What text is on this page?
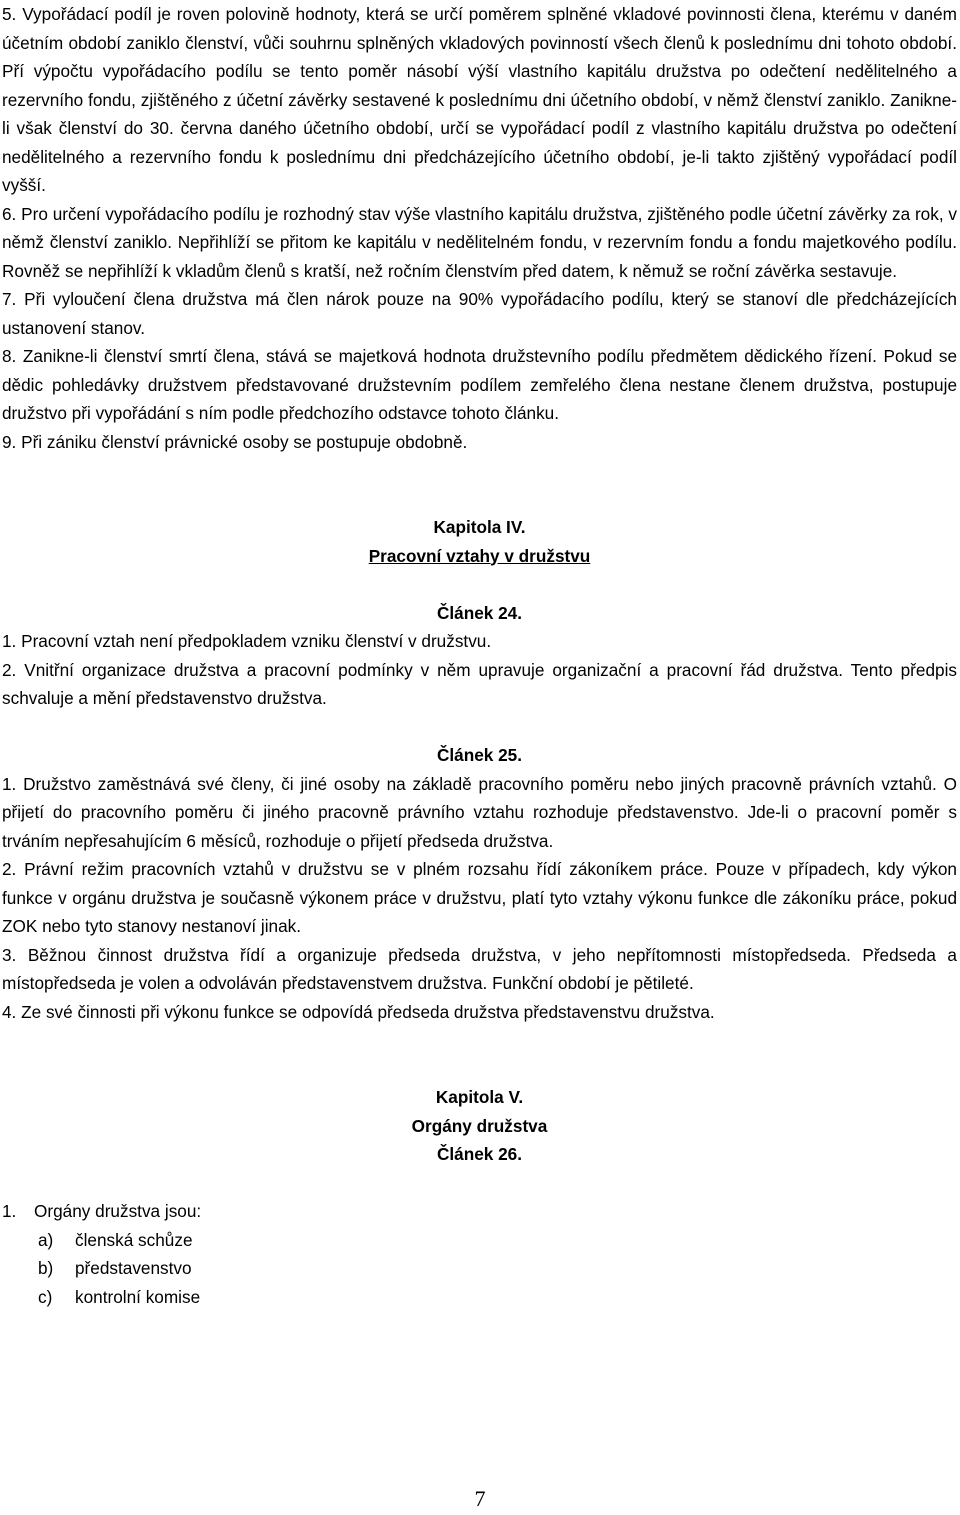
5. Vypořádací podíl je roven polovině hodnoty, která se určí poměrem splněné vkladové povinnosti člena, kterému v daném účetním období zaniklo členství, vůči souhrnu splněných vkladových povinností všech členů k poslednímu dni tohoto období. Pří výpočtu vypořádacího podílu se tento poměr násobí výší vlastního kapitálu družstva po odečtení nedělitelného a rezervního fondu, zjištěného z účetní závěrky sestavené k poslednímu dni účetního období, v němž členství zaniklo. Zanikne-li však členství do 30. června daného účetního období, určí se vypořádací podíl z vlastního kapitálu družstva po odečtení nedělitelného a rezervního fondu k poslednímu dni předcházejícího účetního období, je-li takto zjištěný vypořádací podíl vyšší.

6. Pro určení vypořádacího podílu je rozhodný stav výše vlastního kapitálu družstva, zjištěného podle účetní závěrky za rok, v němž členství zaniklo. Nepřihlíží se přitom ke kapitálu v nedělitelném fondu, v rezervním fondu a fondu majetkového podílu. Rovněž se nepřihlíží k vkladům členů s kratší, než ročním členstvím před datem, k němuž se roční závěrka sestavuje.

7. Při vyloučení člena družstva má člen nárok pouze na 90% vypořádacího podílu, který se stanoví dle předcházejících ustanovení stanov.

8. Zanikne-li členství smrtí člena, stává se majetková hodnota družstevního podílu předmětem dědického řízení. Pokud se dědic pohledávky družstvem představované družstevním podílem zemřelého člena nestane členem družstva, postupuje družstvo při vypořádání s ním podle předchozího odstavce tohoto článku.

9. Při zániku členství právnické osoby se postupuje obdobně.

Kapitola IV.

Pracovní vztahy v družstvu

Článek 24.

1. Pracovní vztah není předpokladem vzniku členství v družstvu.

2. Vnitřní organizace družstva a pracovní podmínky v něm upravuje organizační a pracovní řád družstva. Tento předpis schvaluje a mění představenstvo družstva.

Článek 25.

1. Družstvo zaměstnává své členy, či jiné osoby na základě pracovního poměru nebo jiných pracovně právních vztahů. O přijetí do pracovního poměru či jiného pracovně právního vztahu rozhoduje představenstvo. Jde-li o pracovní poměr s trváním nepřesahujícím 6 měsíců, rozhoduje o přijetí předseda družstva.

2. Právní režim pracovních vztahů v družstvu se v plném rozsahu řídí zákoníkem práce. Pouze v případech, kdy výkon funkce v orgánu družstva je současně výkonem práce v družstvu, platí tyto vztahy výkonu funkce dle zákoníku práce, pokud ZOK nebo tyto stanovy nestanoví jinak.

3. Běžnou činnost družstva řídí a organizuje předseda družstva, v jeho nepřítomnosti místopředseda. Předseda a místopředseda je volen a odvoláván představenstvem družstva. Funkční období je pětileté.

4. Ze své činnosti při výkonu funkce se odpovídá předseda družstva představenstvu družstva.

Kapitola V.

Orgány družstva

Článek 26.

1. Orgány družstva jsou:
a) členská schůze
b) představenstvo
c) kontrolní komise
7
